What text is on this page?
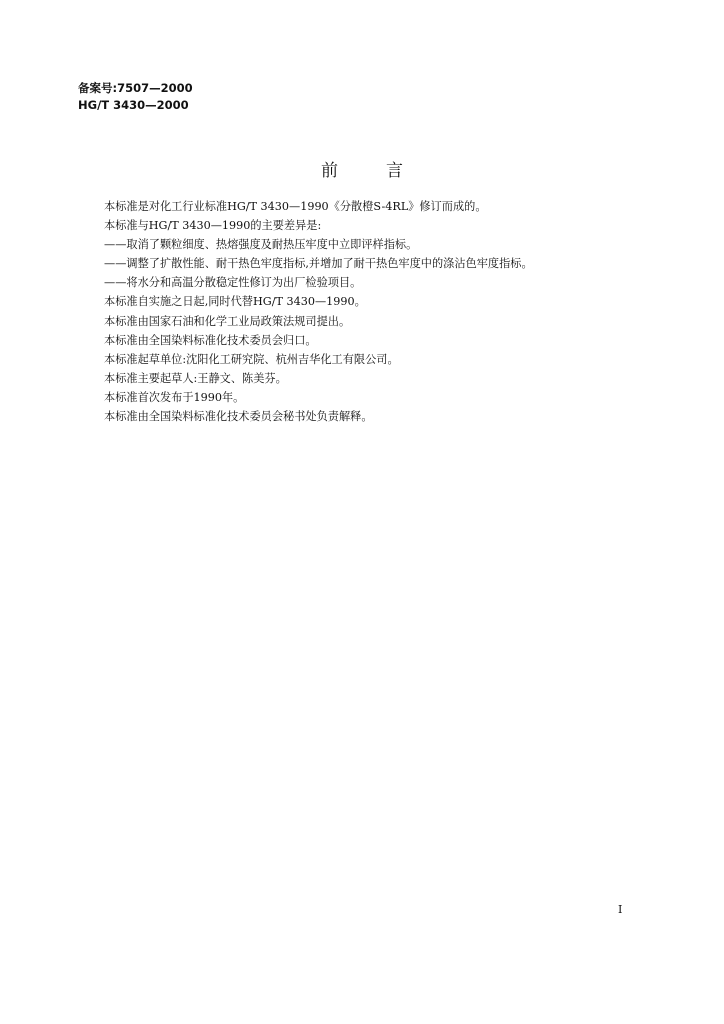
备案号:7507—2000
HG/T 3430—2000
前言
本标准是对化工行业标准HG/T 3430—1990《分散橙S-4RL》修订而成的。
本标准与HG/T 3430—1990的主要差异是:
——取消了颗粒细度、热熔强度及耐热压牢度中立即评样指标。
——调整了扩散性能、耐干热色牢度指标,并增加了耐干热色牢度中的涤沾色牢度指标。
——将水分和高温分散稳定性修订为出厂检验项目。
本标准自实施之日起,同时代替HG/T 3430—1990。
本标准由国家石油和化学工业局政策法规司提出。
本标准由全国染料标准化技术委员会归口。
本标准起草单位:沈阳化工研究院、杭州吉华化工有限公司。
本标准主要起草人:王静文、陈美芬。
本标准首次发布于1990年。
本标准由全国染料标准化技术委员会秘书处负责解释。
I
